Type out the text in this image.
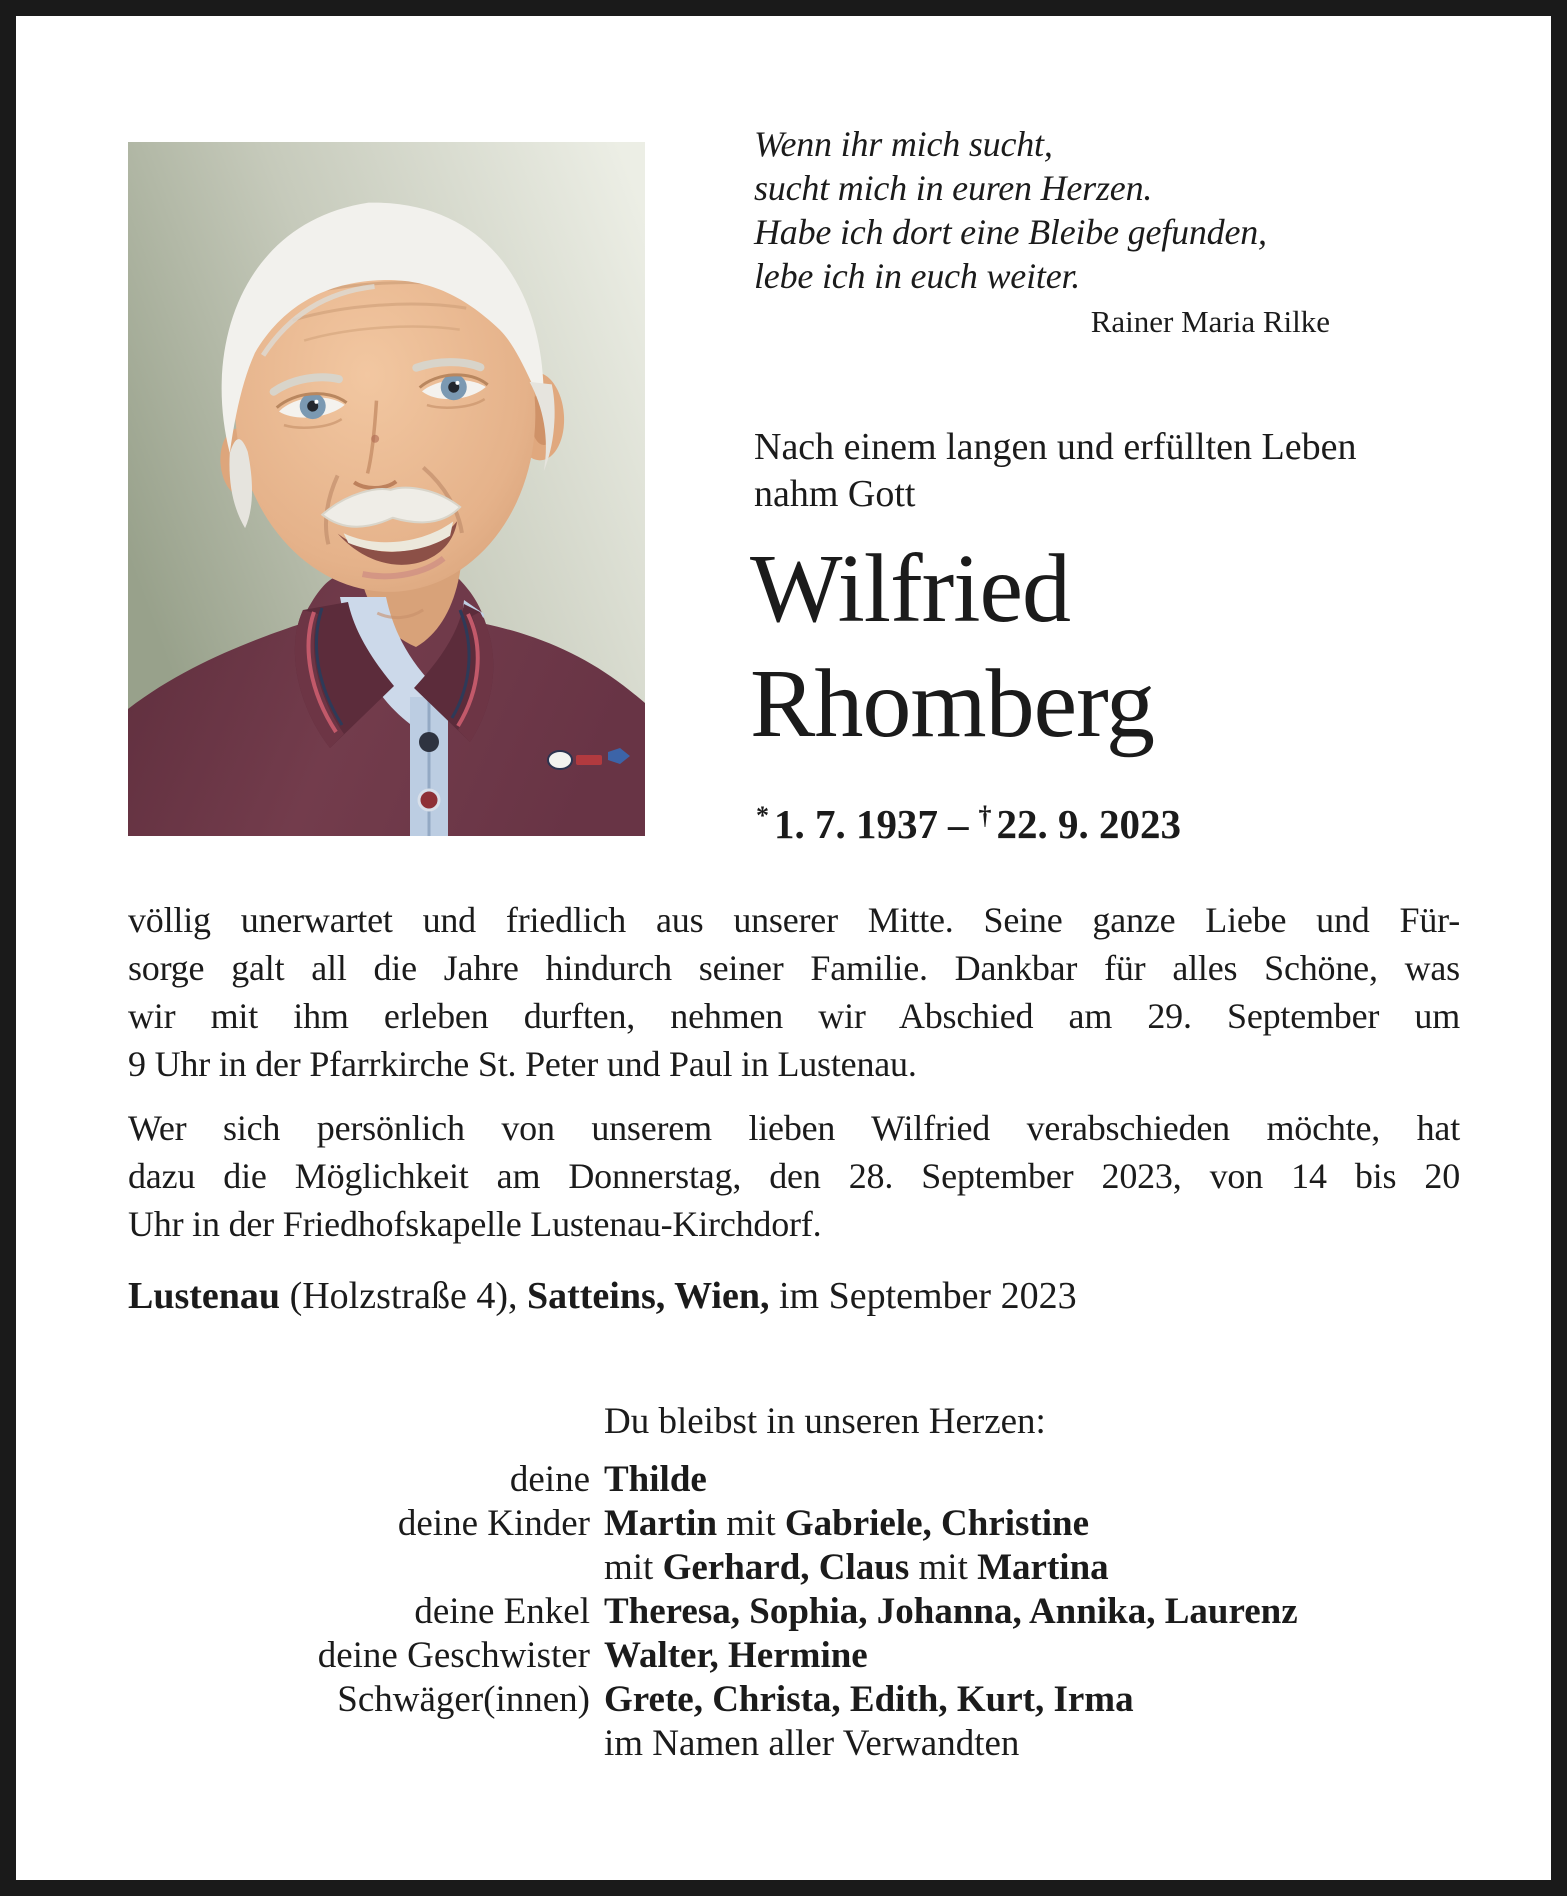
Wenn ihr mich sucht,
sucht mich in euren Herzen.
Habe ich dort eine Bleibe gefunden,
lebe ich in euch weiter.
Rainer Maria Rilke
Nach einem langen und erfüllten Leben
nahm Gott
Wilfried
Rhomberg
* 1. 7. 1937 – † 22. 9. 2023
völlig unerwartet und friedlich aus unserer Mitte. Seine ganze Liebe und Für-
sorge galt all die Jahre hindurch seiner Familie. Dankbar für alles Schöne, was
wir mit ihm erleben durften, nehmen wir Abschied am 29. September um
9 Uhr in der Pfarrkirche St. Peter und Paul in Lustenau.
Wer sich persönlich von unserem lieben Wilfried verabschieden möchte, hat
dazu die Möglichkeit am Donnerstag, den 28. September 2023, von 14 bis 20
Uhr in der Friedhofskapelle Lustenau-Kirchdorf.
Lustenau (Holzstraße 4), Satteins, Wien, im September 2023
Du bleibst in unseren Herzen:
deine Thilde
deine Kinder Martin mit Gabriele, Christine
mit Gerhard, Claus mit Martina
deine Enkel Theresa, Sophia, Johanna, Annika, Laurenz
deine Geschwister Walter, Hermine
Schwäger(innen) Grete, Christa, Edith, Kurt, Irma
im Namen aller Verwandten
